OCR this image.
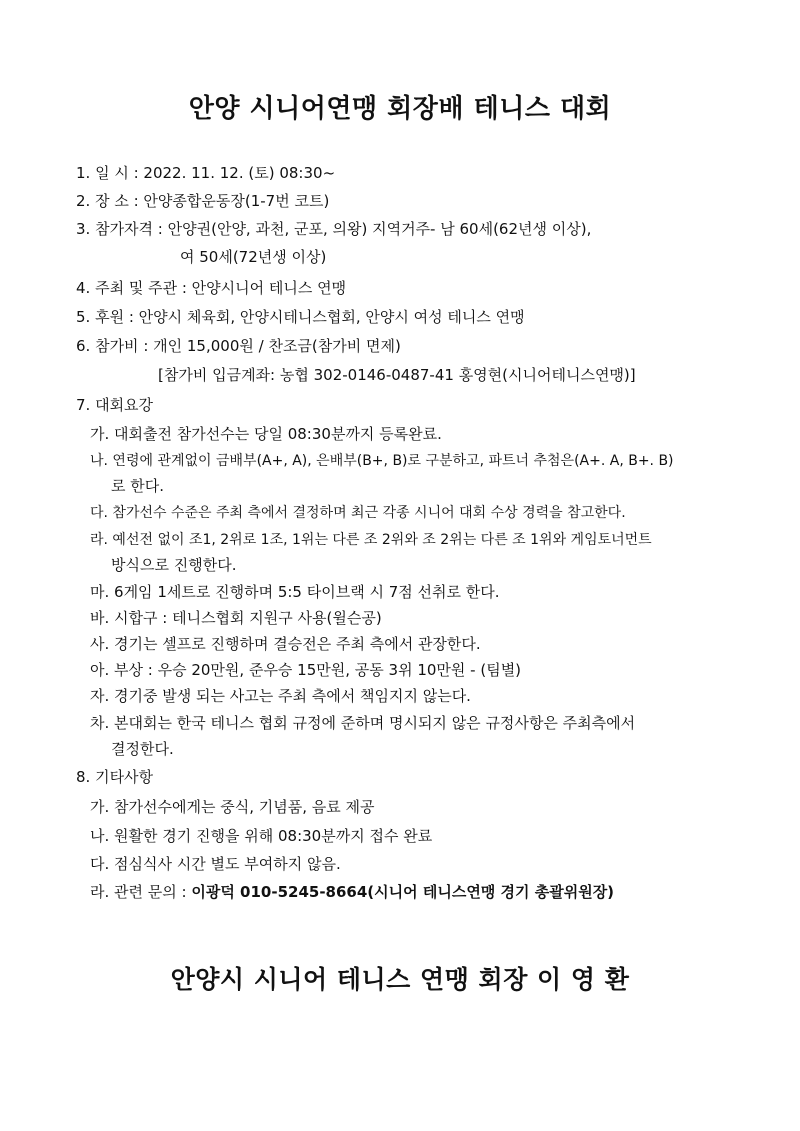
안양 시니어연맹 회장배 테니스 대회
1. 일 시 : 2022. 11. 12. (토) 08:30~
2. 장 소 : 안양종합운동장(1-7번 코트)
3. 참가자격 : 안양권(안양, 과천, 군포, 의왕) 지역거주- 남 60세(62년생 이상),
여 50세(72년생 이상)
4. 주최 및 주관 : 안양시니어 테니스 연맹
5. 후원 : 안양시 체육회, 안양시테니스협회, 안양시 여성 테니스 연맹
6. 참가비 : 개인 15,000원 / 찬조금(참가비 면제)
[참가비 입금계좌: 농협 302-0146-0487-41 홍영현(시니어테니스연맹)]
7. 대회요강
가. 대회출전 참가선수는 당일 08:30분까지 등록완료.
나. 연령에 관계없이 금배부(A+, A), 은배부(B+, B)로 구분하고, 파트너 추첨은(A+. A, B+. B)
로 한다.
다. 참가선수 수준은 주최 측에서 결정하며 최근 각종 시니어 대회 수상 경력을 참고한다.
라. 예선전 없이 조1, 2위로 1조, 1위는 다른 조 2위와 조 2위는 다른 조 1위와 게임토너먼트
방식으로 진행한다.
마. 6게임 1세트로 진행하며 5:5 타이브랙 시 7점 선취로 한다.
바. 시합구 : 테니스협회 지원구 사용(윌슨공)
사. 경기는 셀프로 진행하며 결승전은 주최 측에서 관장한다.
아. 부상 : 우승 20만원, 준우승 15만원, 공동 3위 10만원 - (팀별)
자. 경기중 발생 되는 사고는 주최 측에서 책임지지 않는다.
차. 본대회는 한국 테니스 협회 규정에 준하며 명시되지 않은 규정사항은 주최측에서
결정한다.
8. 기타사항
가. 참가선수에게는 중식, 기념품, 음료 제공
나. 원활한 경기 진행을 위해 08:30분까지 접수 완료
다. 점심식사 시간 별도 부여하지 않음.
라. 관련 문의 : 이광덕 010-5245-8664(시니어 테니스연맹 경기 총괄위원장)
안양시 시니어 테니스 연맹 회장 이 영 환
